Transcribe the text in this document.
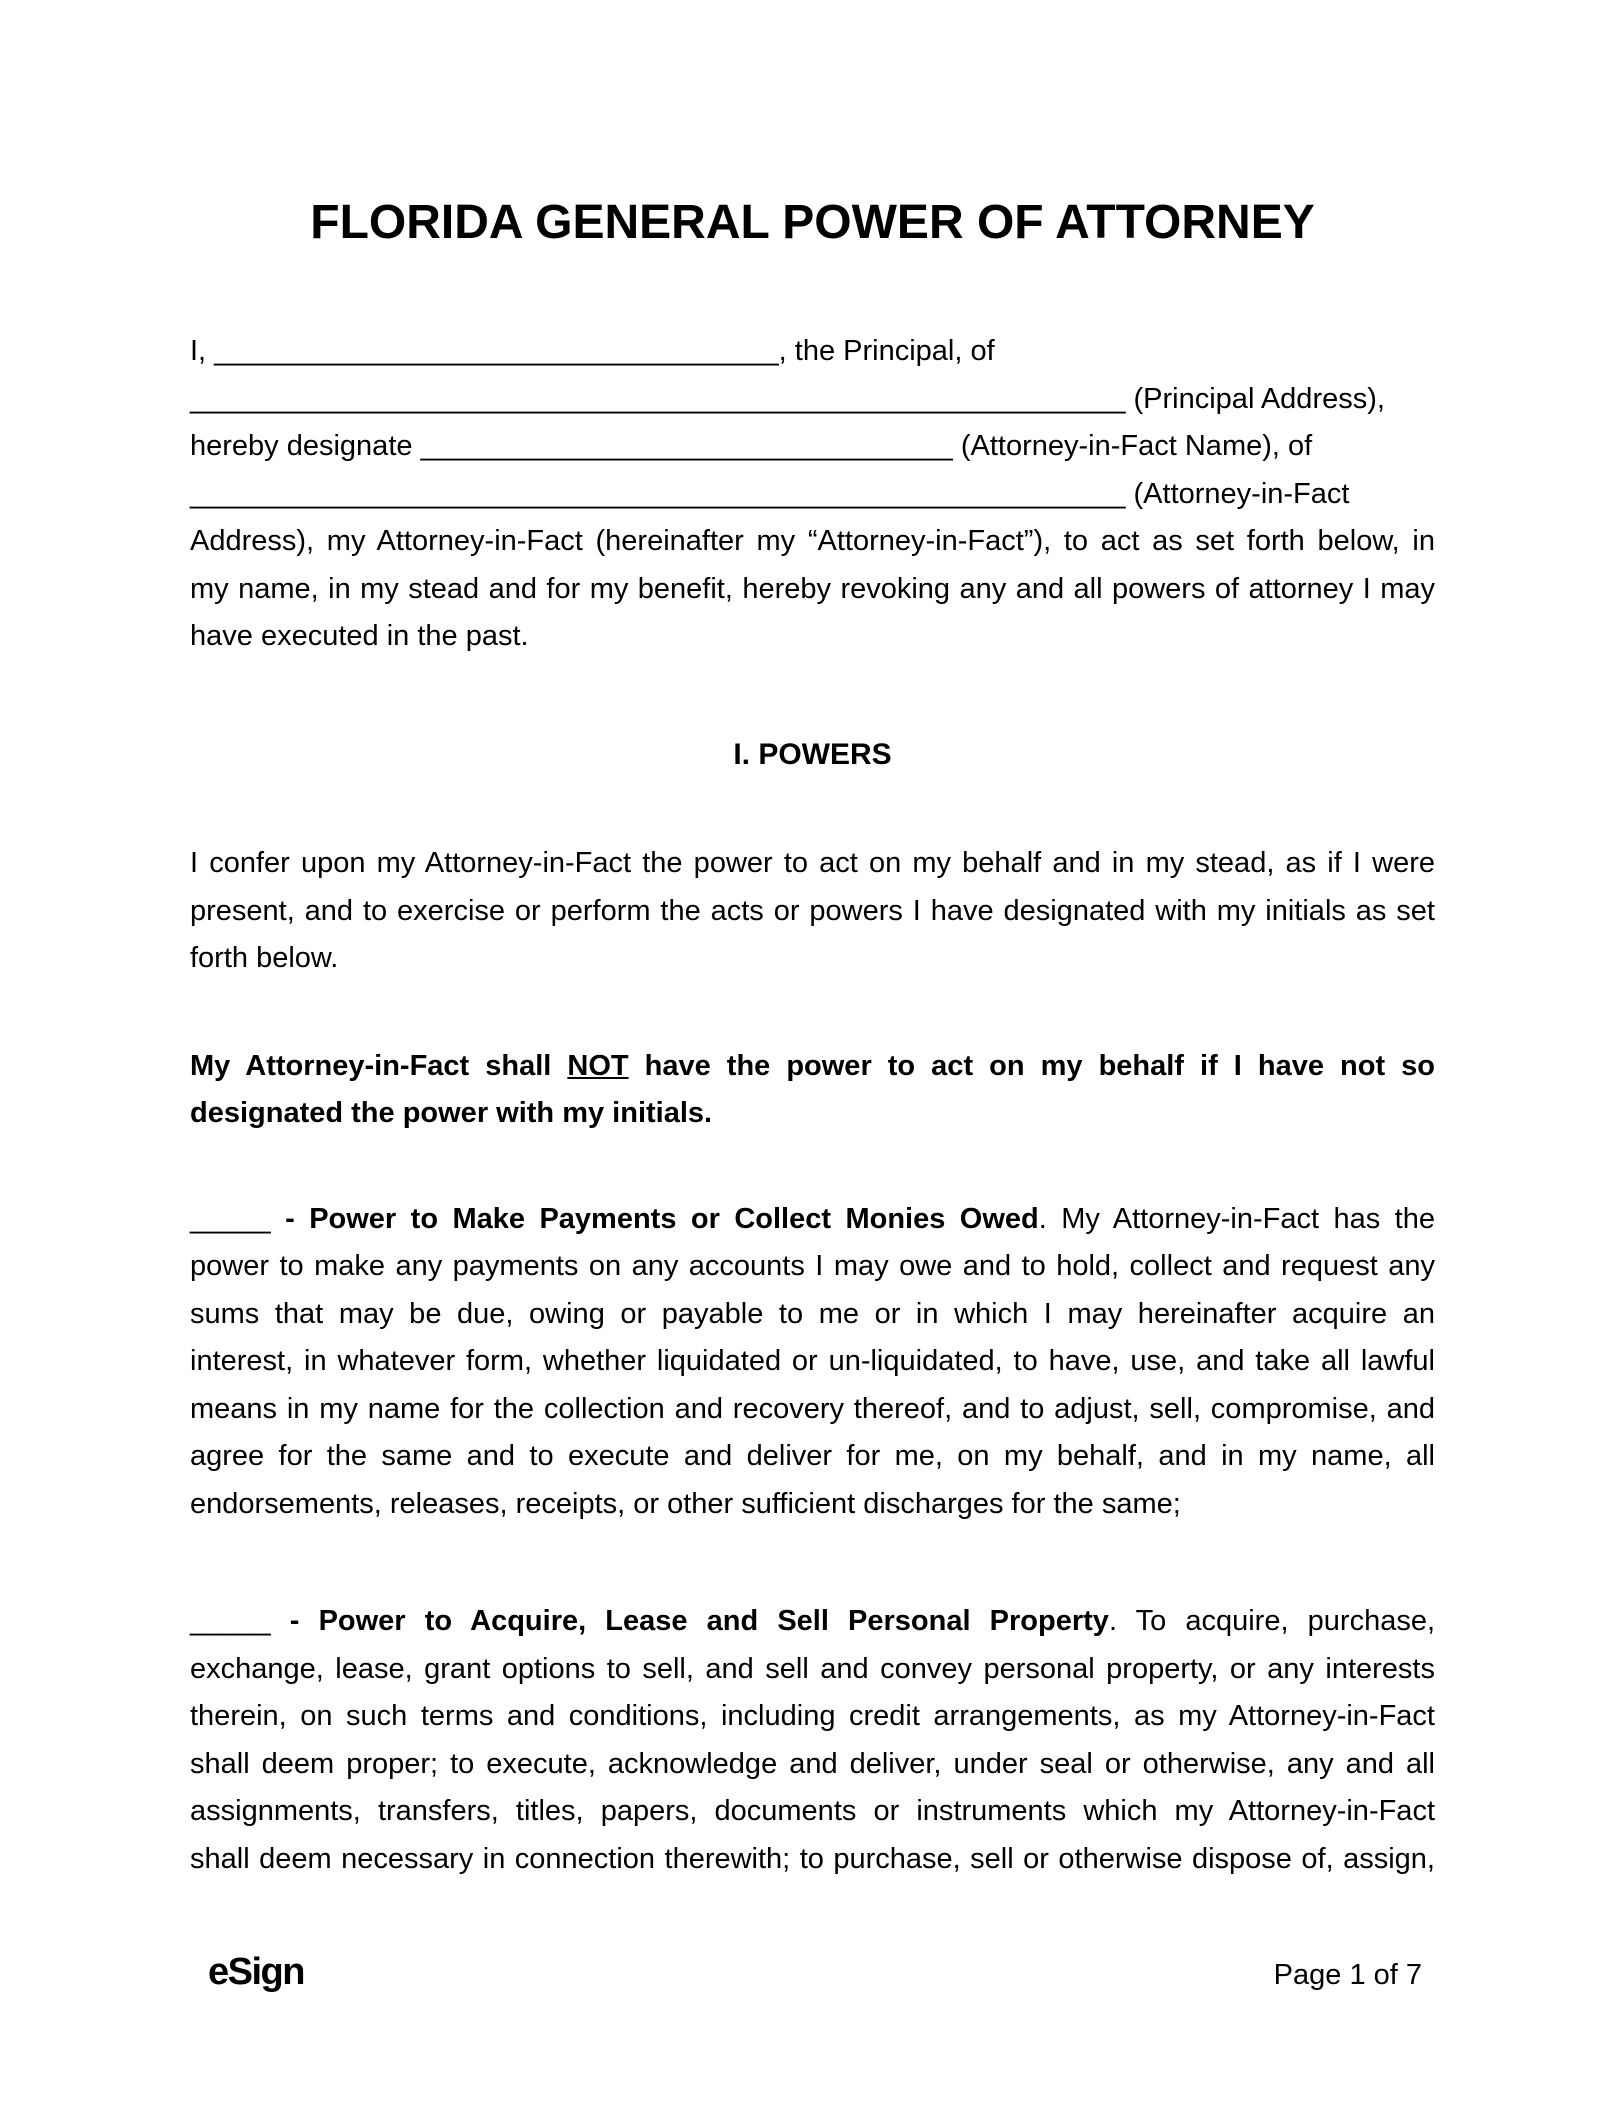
FLORIDA GENERAL POWER OF ATTORNEY
I, ___________________________________, the Principal, of
__________________________________________________________ (Principal Address),
hereby designate _________________________________ (Attorney-in-Fact Name), of
__________________________________________________________ (Attorney-in-Fact
Address), my Attorney-in-Fact (hereinafter my “Attorney-in-Fact”), to act as set forth below, in
my name, in my stead and for my benefit, hereby revoking any and all powers of attorney I may
have executed in the past.
I. POWERS
I confer upon my Attorney-in-Fact the power to act on my behalf and in my stead, as if I were
present, and to exercise or perform the acts or powers I have designated with my initials as set
forth below.
My Attorney-in-Fact shall NOT have the power to act on my behalf if I have not so
designated the power with my initials.
_____ - Power to Make Payments or Collect Monies Owed. My Attorney-in-Fact has the
power to make any payments on any accounts I may owe and to hold, collect and request any
sums that may be due, owing or payable to me or in which I may hereinafter acquire an
interest, in whatever form, whether liquidated or un-liquidated, to have, use, and take all lawful
means in my name for the collection and recovery thereof, and to adjust, sell, compromise, and
agree for the same and to execute and deliver for me, on my behalf, and in my name, all
endorsements, releases, receipts, or other sufficient discharges for the same;
_____ - Power to Acquire, Lease and Sell Personal Property. To acquire, purchase,
exchange, lease, grant options to sell, and sell and convey personal property, or any interests
therein, on such terms and conditions, including credit arrangements, as my Attorney-in-Fact
shall deem proper; to execute, acknowledge and deliver, under seal or otherwise, any and all
assignments, transfers, titles, papers, documents or instruments which my Attorney-in-Fact
shall deem necessary in connection therewith; to purchase, sell or otherwise dispose of, assign,
eSign	Page 1 of 7
